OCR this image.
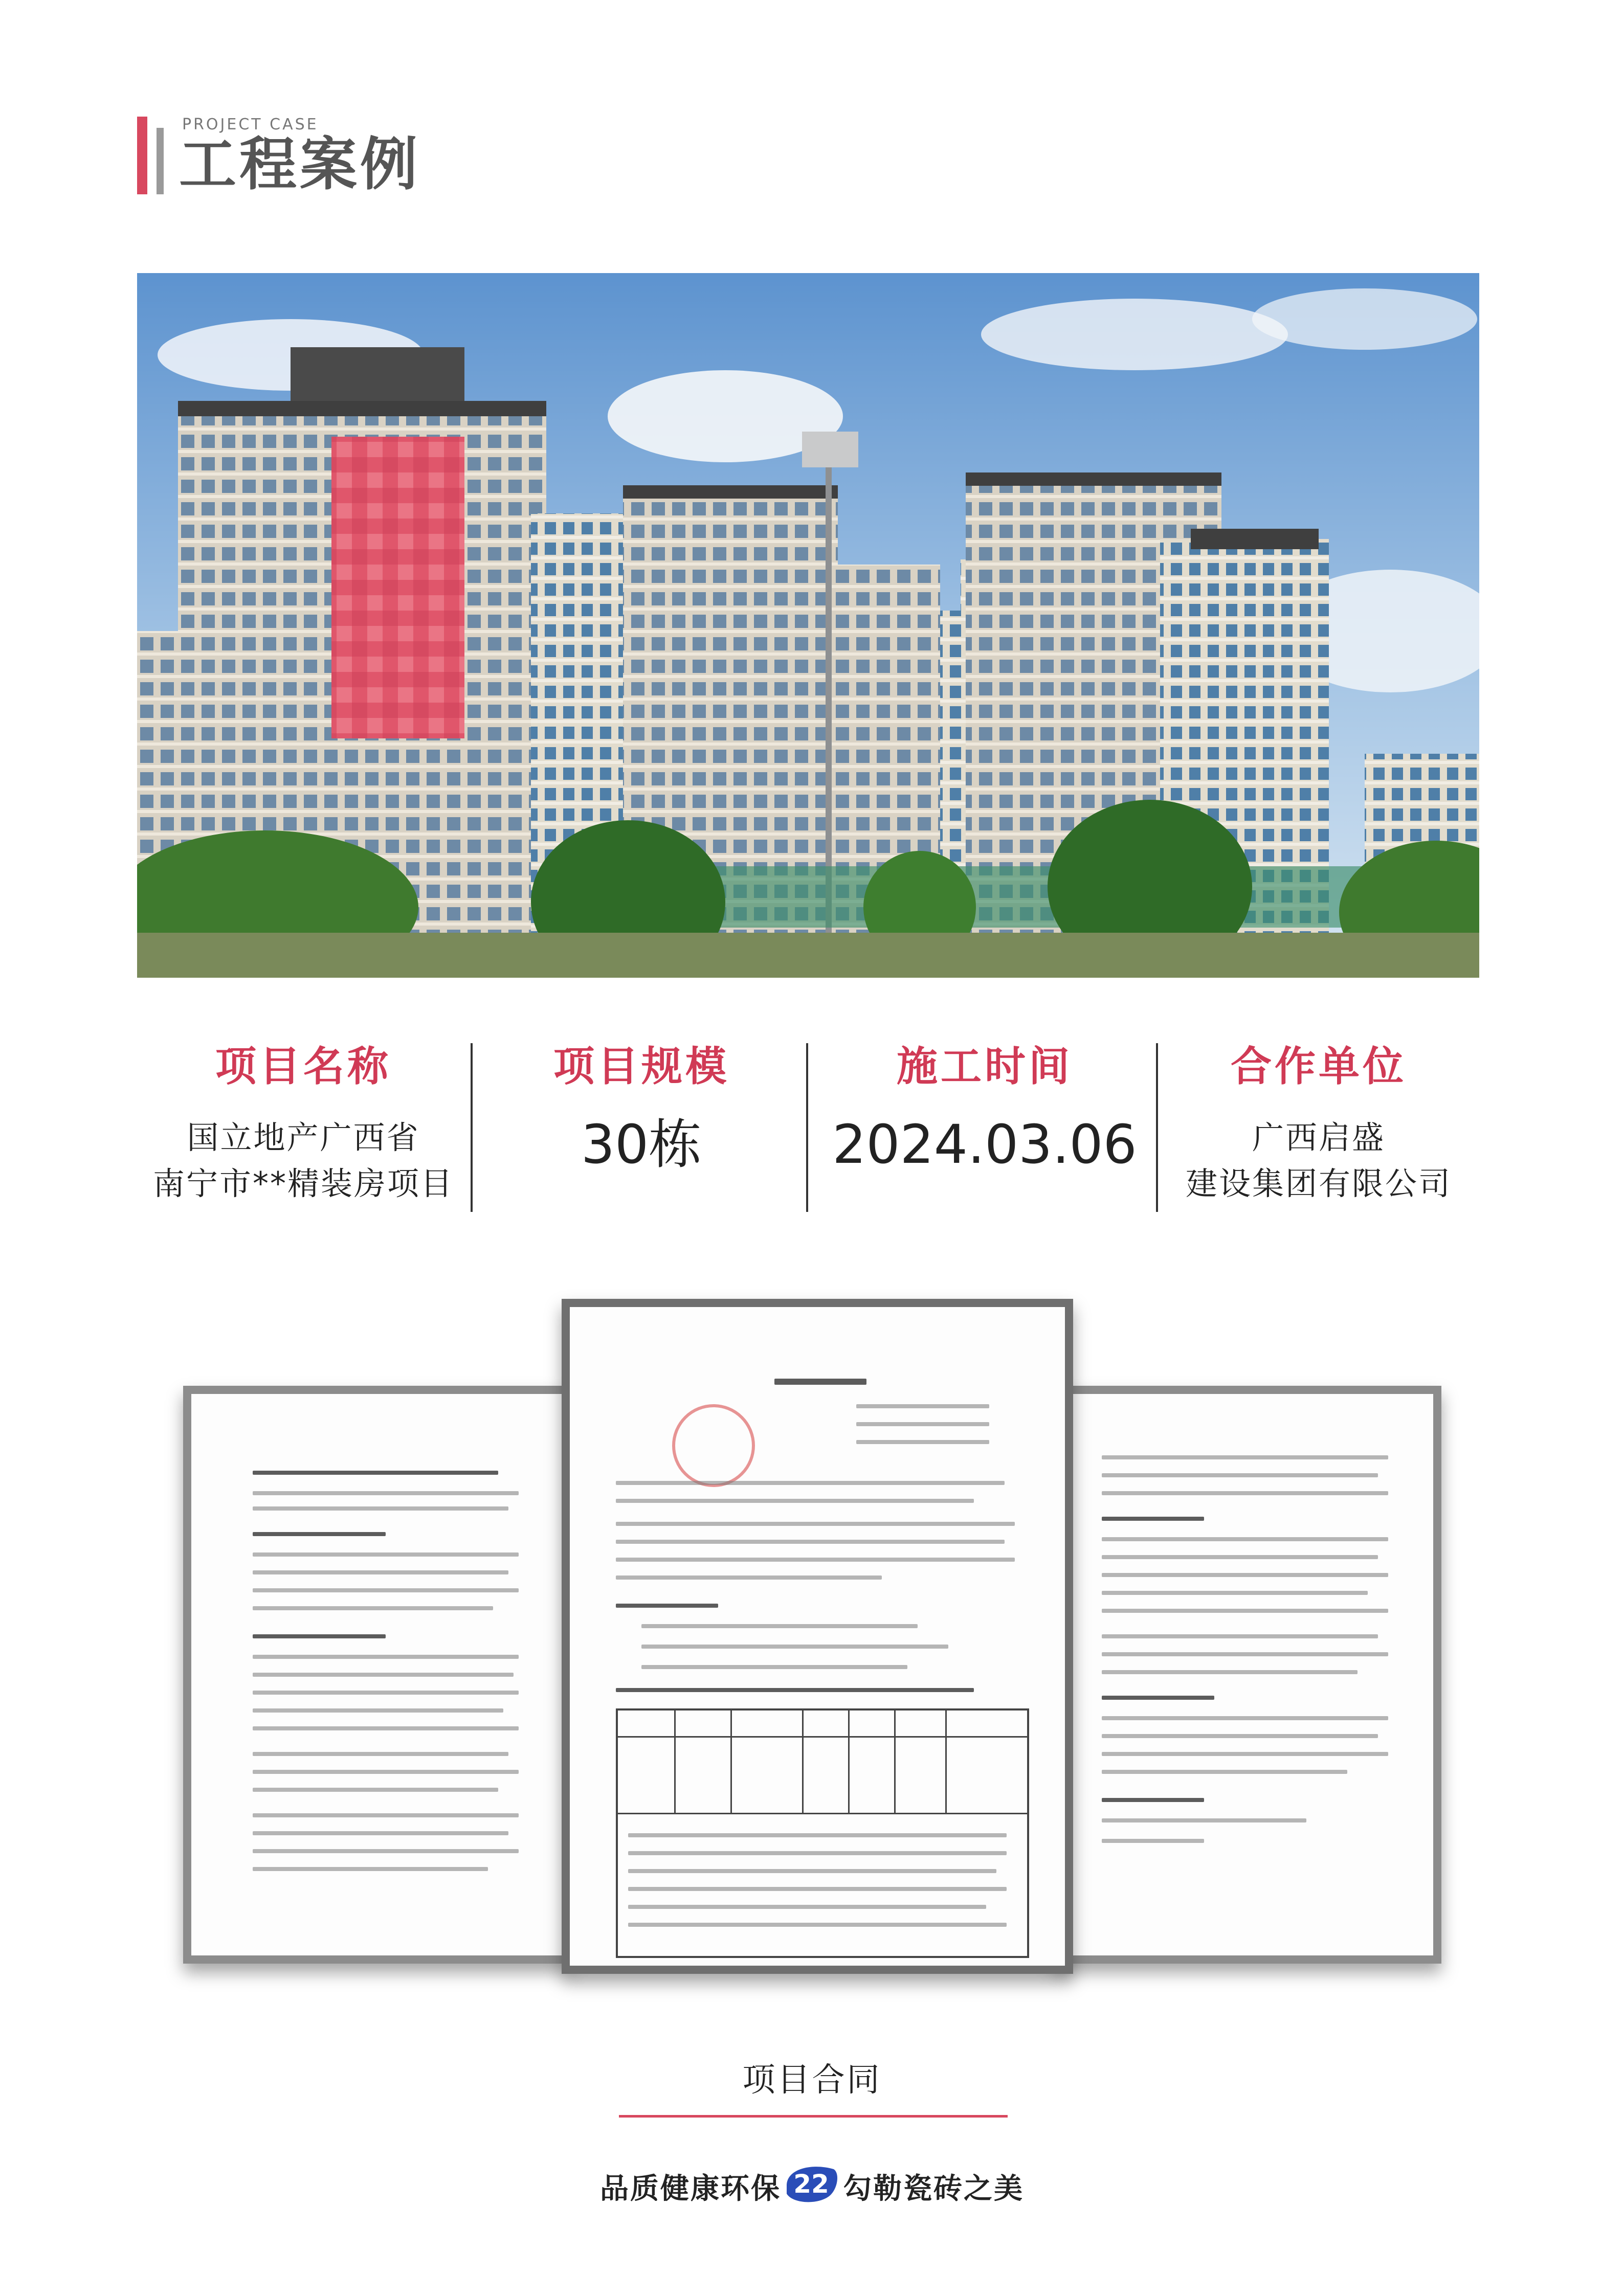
PROJECT CASE
工程案例
项目名称
国立地产广西省
南宁市**精装房项目
项目规模
30栋
施工时间
2024.03.06
合作单位
广西启盛
建设集团有限公司
项目合同
品质健康环保 22 勾勒瓷砖之美
